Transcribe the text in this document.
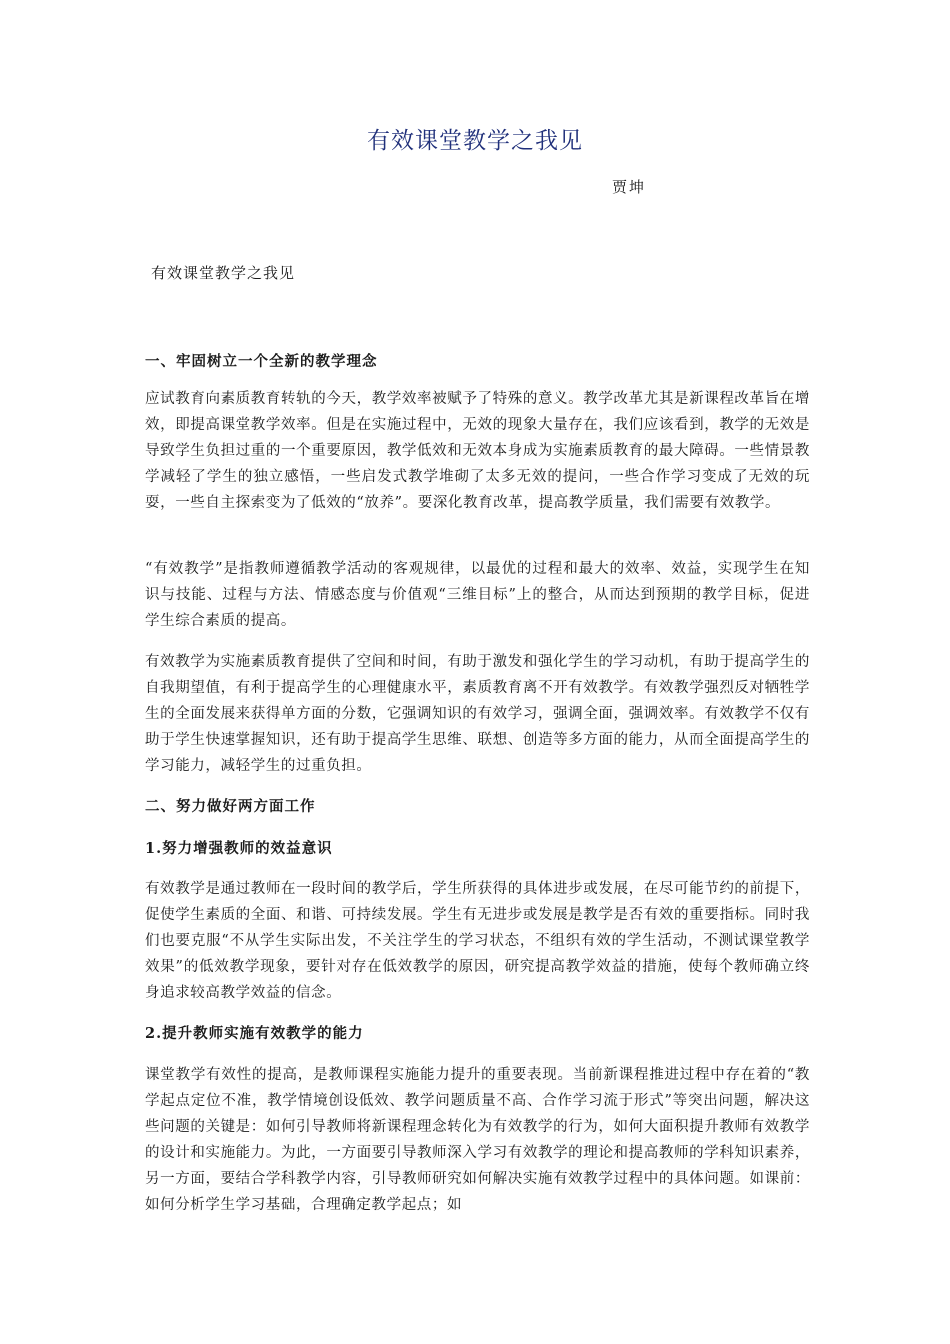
有效课堂教学之我见
贾坤
有效课堂教学之我见
一、牢固树立一个全新的教学理念

应试教育向素质教育转轨的今天，教学效率被赋予了特殊的意义。教学改革尤其是新课程改革旨在增效，即提高课堂教学效率。但是在实施过程中，无效的现象大量存在，我们应该看到，教学的无效是导致学生负担过重的一个重要原因，教学低效和无效本身成为实施素质教育的最大障碍。一些情景教学减轻了学生的独立感悟，一些启发式教学堆砌了太多无效的提问，一些合作学习变成了无效的玩耍，一些自主探索变为了低效的“放养”。要深化教育改革，提高教学质量，我们需要有效教学。

“有效教学”是指教师遵循教学活动的客观规律，以最优的过程和最大的效率、效益，实现学生在知识与技能、过程与方法、情感态度与价值观“三维目标”上的整合，从而达到预期的教学目标，促进学生综合素质的提高。

有效教学为实施素质教育提供了空间和时间，有助于激发和强化学生的学习动机，有助于提高学生的自我期望值，有利于提高学生的心理健康水平，素质教育离不开有效教学。有效教学强烈反对牺牲学生的全面发展来获得单方面的分数，它强调知识的有效学习，强调全面，强调效率。有效教学不仅有助于学生快速掌握知识，还有助于提高学生思维、联想、创造等多方面的能力，从而全面提高学生的学习能力，减轻学生的过重负担。

二、努力做好两方面工作
1.努力增强教师的效益意识

有效教学是通过教师在一段时间的教学后，学生所获得的具体进步或发展，在尽可能节约的前提下，促使学生素质的全面、和谐、可持续发展。学生有无进步或发展是教学是否有效的重要指标。同时我们也要克服“不从学生实际出发，不关注学生的学习状态，不组织有效的学生活动，不测试课堂教学效果”的低效教学现象，要针对存在低效教学的原因，研究提高教学效益的措施，使每个教师确立终身追求较高教学效益的信念。

2.提升教师实施有效教学的能力

课堂教学有效性的提高，是教师课程实施能力提升的重要表现。当前新课程推进过程中存在着的“教学起点定位不准，教学情境创设低效、教学问题质量不高、合作学习流于形式”等突出问题，解决这些问题的关键是：如何引导教师将新课程理念转化为有效教学的行为，如何大面积提升教师有效教学的设计和实施能力。为此，一方面要引导教师深入学习有效教学的理论和提高教师的学科知识素养，另一方面，要结合学科教学内容，引导教师研究如何解决实施有效教学过程中的具体问题。如课前：如何分析学生学习基础，合理确定教学起点；如
